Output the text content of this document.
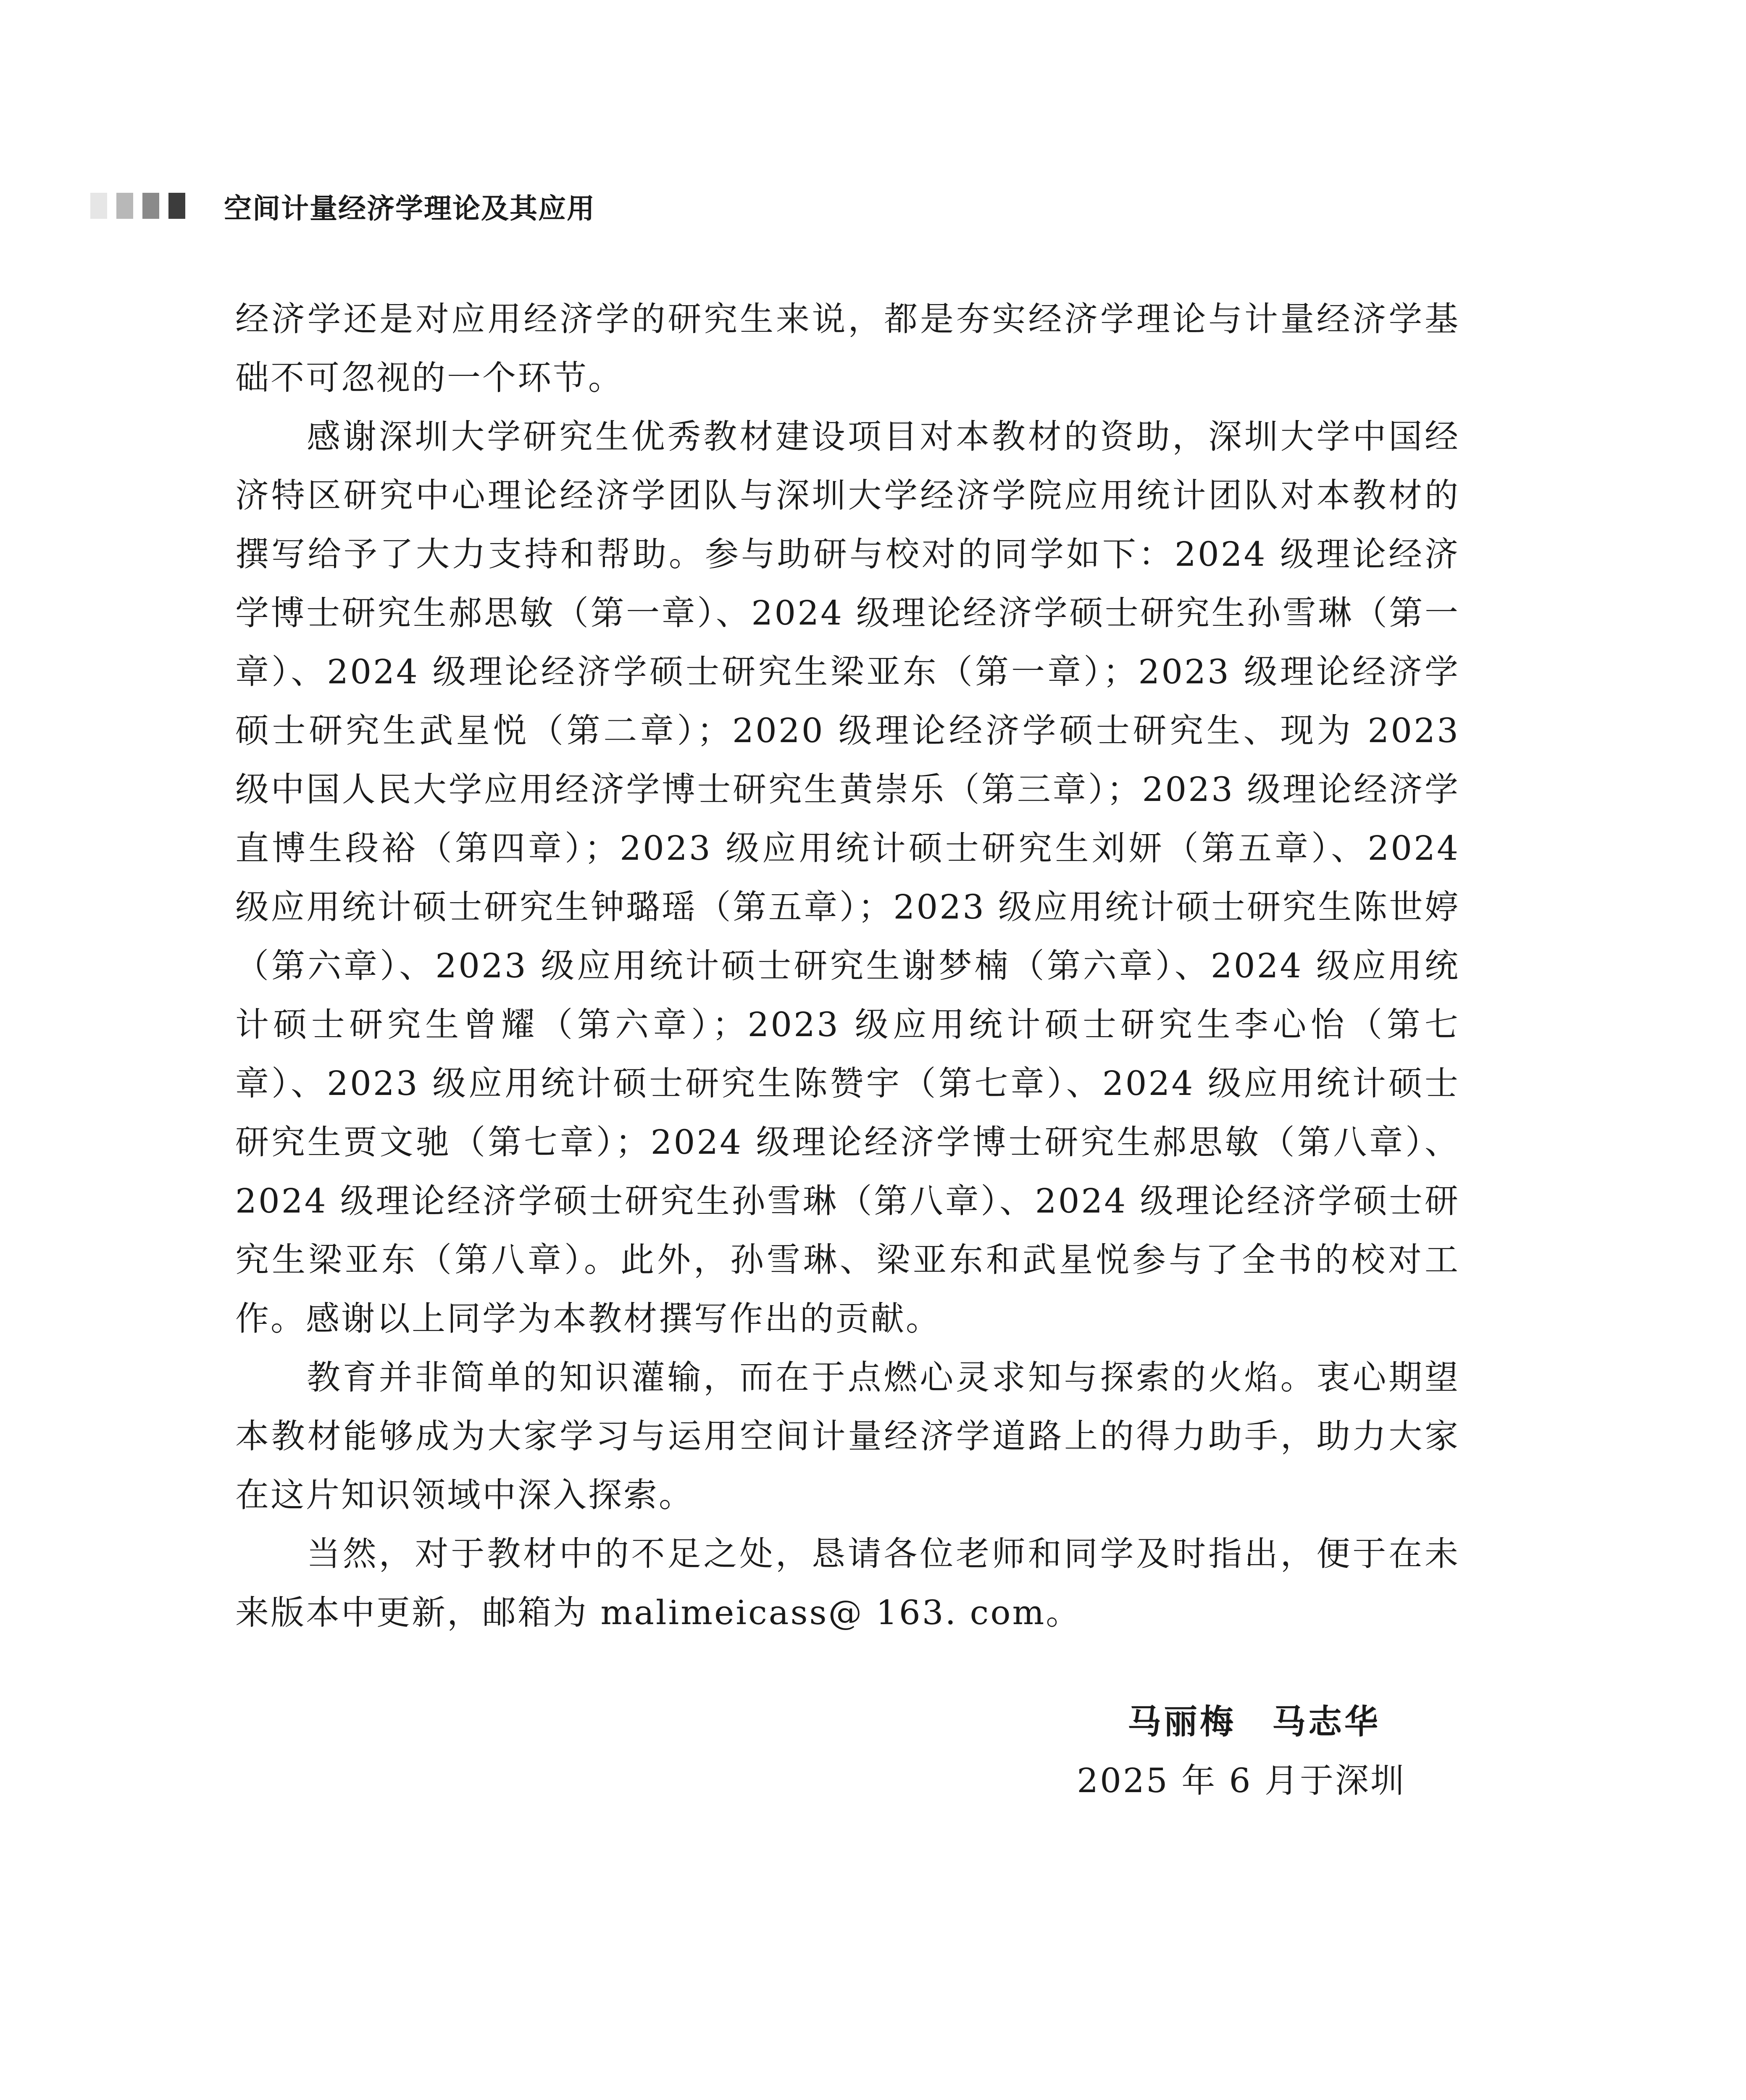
空间计量经济学理论及其应用

经济学还是对应用经济学的研究生来说，都是夯实经济学理论与计量经济学基础不可忽视的一个环节。

感谢深圳大学研究生优秀教材建设项目对本教材的资助，深圳大学中国经济特区研究中心理论经济学团队与深圳大学经济学院应用统计团队对本教材的撰写给予了大力支持和帮助。参与助研与校对的同学如下：2024 级理论经济学博士研究生郝思敏（第一章）、2024 级理论经济学硕士研究生孙雪琳（第一章）、2024 级理论经济学硕士研究生梁亚东（第一章）；2023 级理论经济学硕士研究生武星悦（第二章）；2020 级理论经济学硕士研究生、现为 2023 级中国人民大学应用经济学博士研究生黄崇乐（第三章）；2023 级理论经济学直博生段裕（第四章）；2023 级应用统计硕士研究生刘妍（第五章）、2024 级应用统计硕士研究生钟璐瑶（第五章）；2023 级应用统计硕士研究生陈世婷（第六章）、2023 级应用统计硕士研究生谢梦楠（第六章）、2024 级应用统计硕士研究生曾耀（第六章）；2023 级应用统计硕士研究生李心怡（第七章）、2023 级应用统计硕士研究生陈赞宇（第七章）、2024 级应用统计硕士研究生贾文驰（第七章）；2024 级理论经济学博士研究生郝思敏（第八章）、2024 级理论经济学硕士研究生孙雪琳（第八章）、2024 级理论经济学硕士研究生梁亚东（第八章）。此外，孙雪琳、梁亚东和武星悦参与了全书的校对工作。感谢以上同学为本教材撰写作出的贡献。

教育并非简单的知识灌输，而在于点燃心灵求知与探索的火焰。衷心期望本教材能够成为大家学习与运用空间计量经济学道路上的得力助手，助力大家在这片知识领域中深入探索。

当然，对于教材中的不足之处，恳请各位老师和同学及时指出，便于在未来版本中更新，邮箱为 malimeicass@ 163. com。

马丽梅　马志华
2025 年 6 月于深圳
